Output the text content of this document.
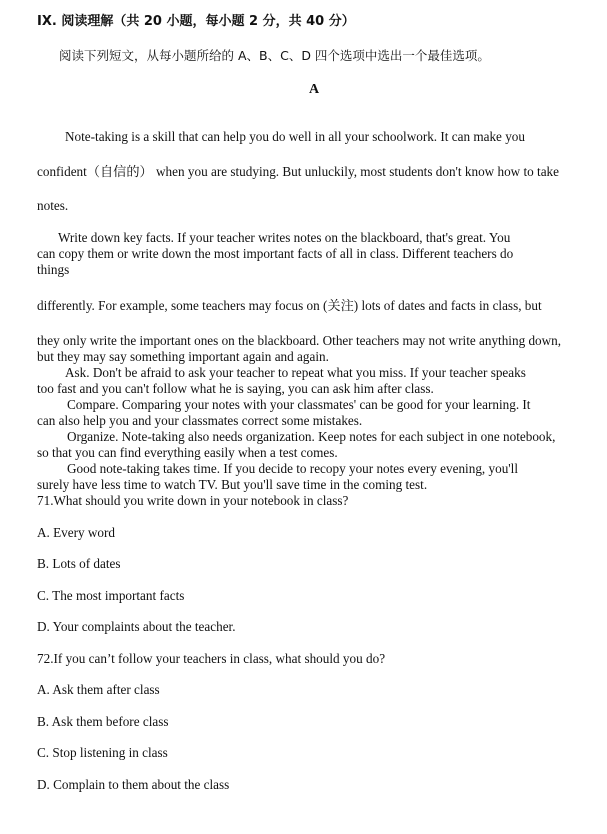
IX. 阅读理解（共 20 小题，每小题 2 分，共 40 分）
阅读下列短文，从每小题所给的 A、B、C、D 四个选项中选出一个最佳选项。
A
Note-taking is a skill that can help you do well in all your schoolwork. It can make you
confident（自信的） when you are studying. But unluckily, most students don't know how to take
notes.
Write down key facts. If your teacher writes notes on the blackboard, that's great. You
can copy them or write down the most important facts of all in class. Different teachers do
things
differently. For example, some teachers may focus on (关注) lots of dates and facts in class, but
they only write the important ones on the blackboard. Other teachers may not write anything down,
but they may say something important again and again.
Ask. Don't be afraid to ask your teacher to repeat what you miss. If your teacher speaks
too fast and you can't follow what he is saying, you can ask him after class.
Compare. Comparing your notes with your classmates' can be good for your learning. It
can also help you and your classmates correct some mistakes.
Organize. Note-taking also needs organization. Keep notes for each subject in one notebook,
so that you can find everything easily when a test comes.
Good note-taking takes time. If you decide to recopy your notes every evening, you'll
surely have less time to watch TV. But you'll save time in the coming test.
71.What should you write down in your notebook in class?
A. Every word
B. Lots of dates
C. The most important facts
D. Your complaints about the teacher.
72.If you can’t follow your teachers in class, what should you do?
A. Ask them after class
B. Ask them before class
C. Stop listening in class
D. Complain to them about the class
